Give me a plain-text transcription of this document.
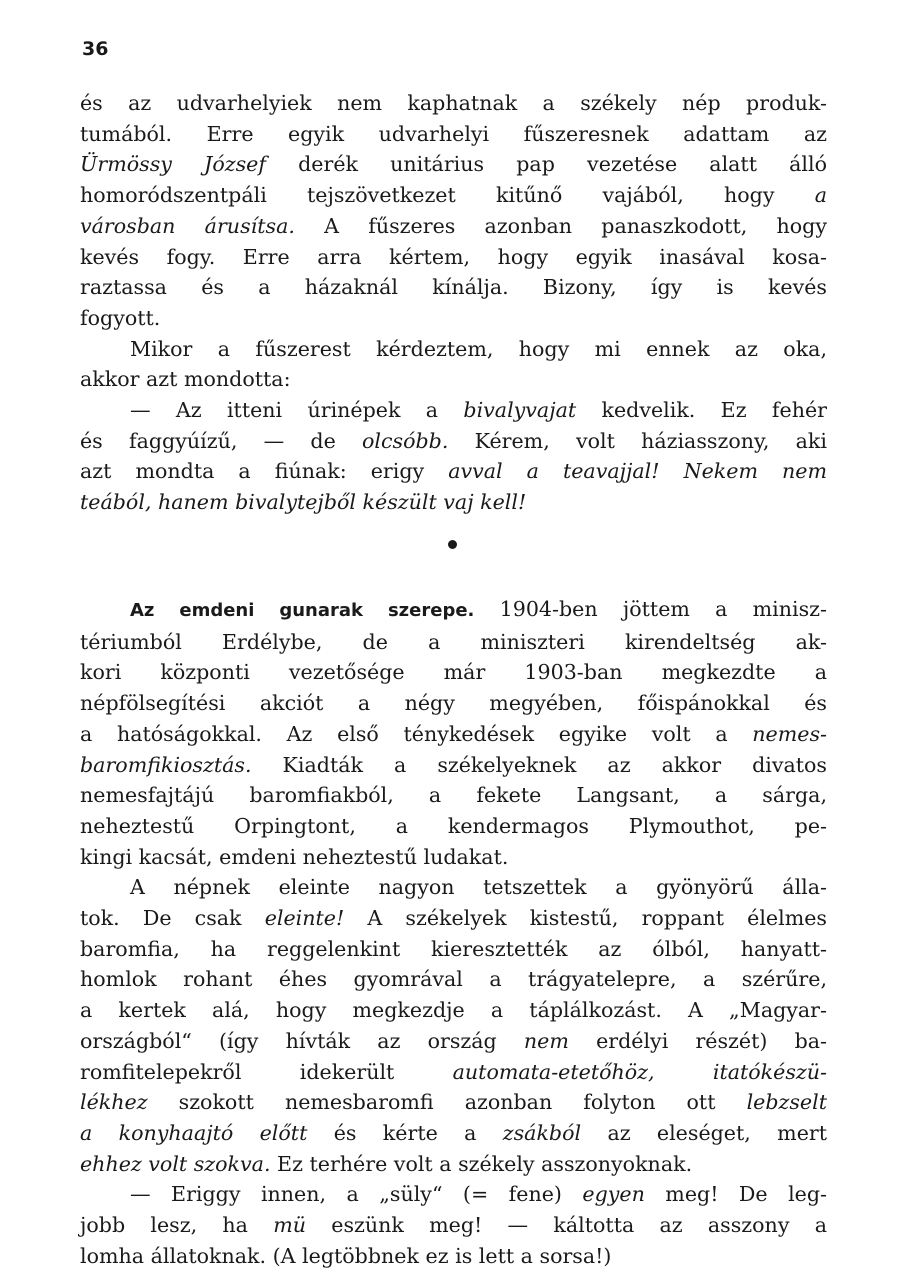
36
és az udvarhelyiek nem kaphatnak a székely nép produk-
tumából. Erre egyik udvarhelyi fűszeresnek adattam az
Ürmössy József derék unitárius pap vezetése alatt álló
homoródszentpáli tejszövetkezet kitűnő vajából, hogy a
városban árusítsa. A fűszeres azonban panaszkodott, hogy
kevés fogy. Erre arra kértem, hogy egyik inasával kosa-
raztassa és a házaknál kínálja. Bizony, így is kevés
fogyott.
Mikor a fűszerest kérdeztem, hogy mi ennek az oka,
akkor azt mondotta:
— Az itteni úrinépek a bivalyvajat kedvelik. Ez fehér
és faggyúízű, — de olcsóbb. Kérem, volt háziasszony, aki
azt mondta a fiúnak: erigy avval a teavajjal! Nekem nem
teából, hanem bivalytejből készült vaj kell!
Az emdeni gunarak szerepe. 1904-ben jöttem a minisz-
tériumból Erdélybe, de a miniszteri kirendeltség ak-
kori központi vezetősége már 1903-ban megkezdte a
népfölsegítési akciót a négy megyében, főispánokkal és
a hatóságokkal. Az első ténykedések egyike volt a nemes-
baromfikiosztás. Kiadták a székelyeknek az akkor divatos
nemesfajtájú baromfiakból, a fekete Langsant, a sárga,
neheztestű Orpingtont, a kendermagos Plymouthot, pe-
kingi kacsát, emdeni neheztestű ludakat.
A népnek eleinte nagyon tetszettek a gyönyörű álla-
tok. De csak eleinte! A székelyek kistestű, roppant élelmes
baromfia, ha reggelenkint kieresztették az ólból, hanyatt-
homlok rohant éhes gyomrával a trágyatelepre, a szérűre,
a kertek alá, hogy megkezdje a táplálkozást. A „Magyar-
országból“ (így hívták az ország nem erdélyi részét) ba-
romfitelepekről idekerült automata-etetőhöz, itatókészü-
lékhez szokott nemesbaromfi azonban folyton ott lebzselt
a konyhaajtó előtt és kérte a zsákból az eleséget, mert
ehhez volt szokva. Ez terhére volt a székely asszonyoknak.
— Eriggy innen, a „süly“ (= fene) egyen meg! De leg-
jobb lesz, ha mü eszünk meg! — káltotta az asszony a
lomha állatoknak. (A legtöbbnek ez is lett a sorsa!)
